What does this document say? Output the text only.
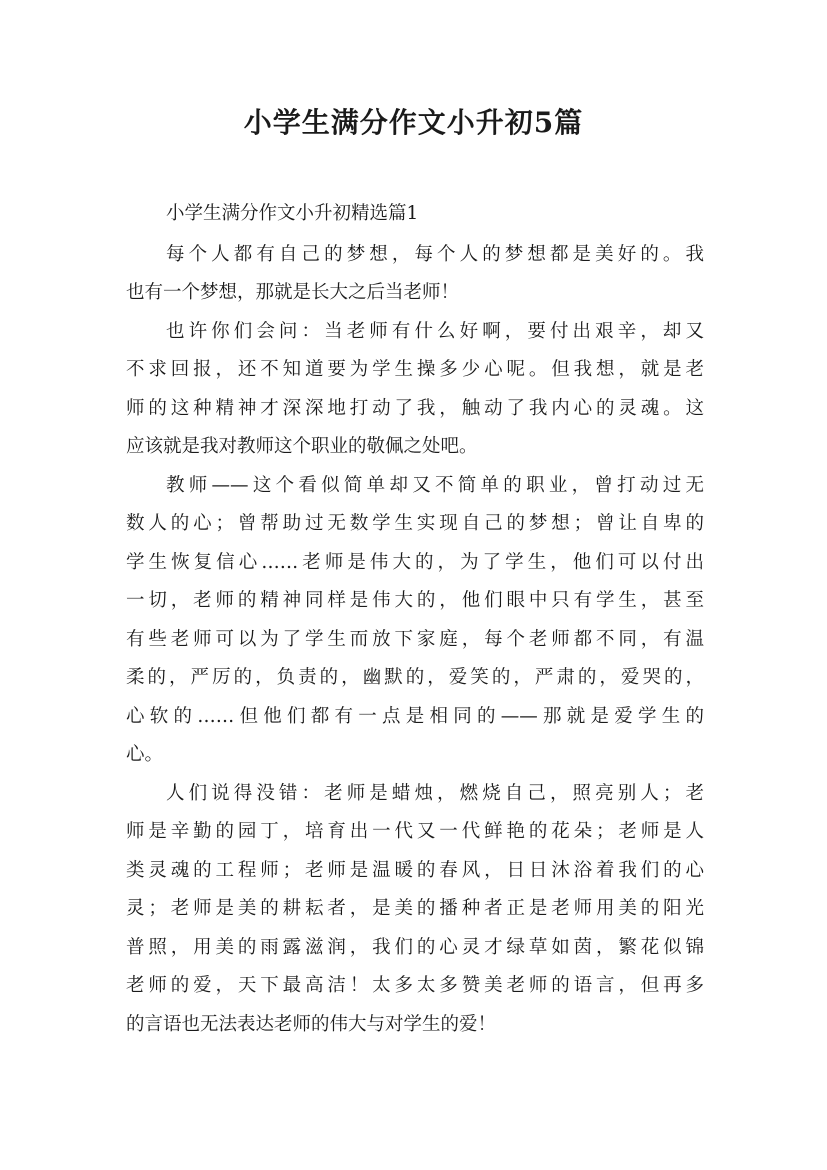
小学生满分作文小升初5篇
小学生满分作文小升初精选篇1
每个人都有自己的梦想，每个人的梦想都是美好的。我
也有一个梦想，那就是长大之后当老师！
也许你们会问：当老师有什么好啊，要付出艰辛，却又
不求回报，还不知道要为学生操多少心呢。但我想，就是老
师的这种精神才深深地打动了我，触动了我内心的灵魂。这
应该就是我对教师这个职业的敬佩之处吧。
教师——这个看似简单却又不简单的职业，曾打动过无
数人的心；曾帮助过无数学生实现自己的梦想；曾让自卑的
学生恢复信心……老师是伟大的，为了学生，他们可以付出
一切，老师的精神同样是伟大的，他们眼中只有学生，甚至
有些老师可以为了学生而放下家庭，每个老师都不同，有温
柔的，严厉的，负责的，幽默的，爱笑的，严肃的，爱哭的，
心软的……但他们都有一点是相同的——那就是爱学生的
心。
人们说得没错：老师是蜡烛，燃烧自己，照亮别人；老
师是辛勤的园丁，培育出一代又一代鲜艳的花朵；老师是人
类灵魂的工程师；老师是温暖的春风，日日沐浴着我们的心
灵；老师是美的耕耘者，是美的播种者正是老师用美的阳光
普照，用美的雨露滋润，我们的心灵才绿草如茵，繁花似锦
老师的爱，天下最高洁！太多太多赞美老师的语言，但再多
的言语也无法表达老师的伟大与对学生的爱！
